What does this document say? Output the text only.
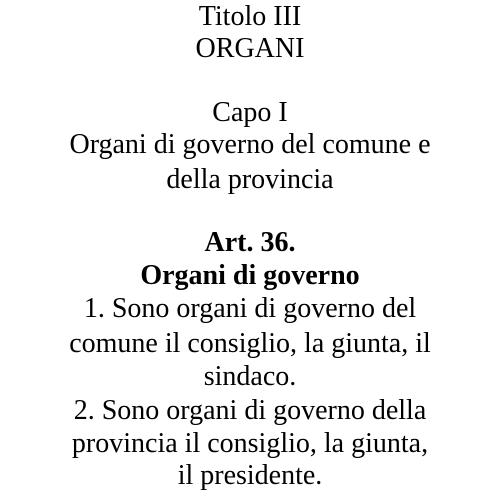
Titolo III
ORGANI
Capo I
Organi di governo del comune e
della provincia
Art. 36.
Organi di governo
1. Sono organi di governo del
comune il consiglio, la giunta, il
sindaco.
2. Sono organi di governo della
provincia il consiglio, la giunta,
il presidente.
